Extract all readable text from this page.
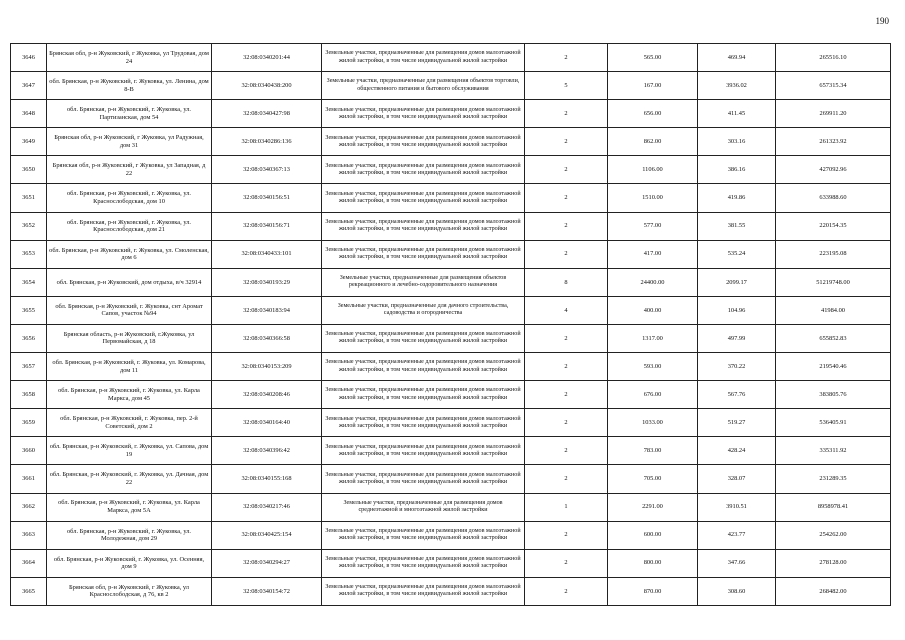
190
3646	Брянская обл, р-н Жуковский, г Жуковка, ул Трудовая, дом 24	32:08:0340201:44	Земельные участки, предназначенные для размещения домов малоэтажной жилой застройки, в том числе индивидуальной жилой застройки	2	565.00	469.94	265516.10
3647	обл. Брянская, р-н Жуковский, г. Жуковка, ул. Ленина, дом 8-В	32:08:0340438:200	Земельные участки, предназначенные для размещения объектов торговли, общественного питания и бытового обслуживания	5	167.00	3936.02	657315.34
3648	обл. Брянская, р-н Жуковский, г. Жуковка, ул. Партизанская, дом 54	32:08:0340427:98	Земельные участки, предназначенные для размещения домов малоэтажной жилой застройки, в том числе индивидуальной жилой застройки	2	656.00	411.45	269911.20
3649	Брянская обл, р-н Жуковский, г Жуковка, ул Радужная, дом 31	32:08:0340286:136	Земельные участки, предназначенные для размещения домов малоэтажной жилой застройки, в том числе индивидуальной жилой застройки	2	862.00	303.16	261323.92
3650	Брянская обл, р-н Жуковский, г Жуковка, ул Западная, д 22	32:08:0340367:13	Земельные участки, предназначенные для размещения домов малоэтажной жилой застройки, в том числе индивидуальной жилой застройки	2	1106.00	386.16	427092.96
3651	обл. Брянская, р-н Жуковский, г. Жуковка, ул. Краснослободская, дом 10	32:08:0340156:51	Земельные участки, предназначенные для размещения домов малоэтажной жилой застройки, в том числе индивидуальной жилой застройки	2	1510.00	419.86	633988.60
3652	обл. Брянская, р-н Жуковский, г. Жуковка, ул. Краснослободская, дом 21	32:08:0340156:71	Земельные участки, предназначенные для размещения домов малоэтажной жилой застройки, в том числе индивидуальной жилой застройки	2	577.00	381.55	220154.35
3653	обл. Брянская, р-н Жуковский, г. Жуковка, ул. Смоленская, дом 6	32:08:0340433:101	Земельные участки, предназначенные для размещения домов малоэтажной жилой застройки, в том числе индивидуальной жилой застройки	2	417.00	535.24	223195.08
3654	обл. Брянская, р-н Жуковский, дом отдыха, в/ч 32914	32:08:0340193:29	Земельные участки, предназначенные для размещения объектов рекреационного и лечебно-оздоровительного назначения	8	24400.00	2099.17	51219748.00
3655	обл. Брянская, р-н Жуковский, г. Жуковка, снт Аромат Сапов, участок №94	32:08:0340183:94	Земельные участки, предназначенные для дачного строительства, садоводства и огородничества	4	400.00	104.96	41984.00
3656	Брянская область, р-н Жуковский, г.Жуковка, ул Первомайская, д 18	32:08:0340366:58	Земельные участки, предназначенные для размещения домов малоэтажной жилой застройки, в том числе индивидуальной жилой застройки	2	1317.00	497.99	655852.83
3657	обл. Брянская, р-н Жуковский, г. Жуковка, ул. Комарова, дом 11	32:08:0340153:209	Земельные участки, предназначенные для размещения домов малоэтажной жилой застройки, в том числе индивидуальной жилой застройки	2	593.00	370.22	219540.46
3658	обл. Брянская, р-н Жуковский, г. Жуковка, ул. Карла Маркса, дом 45	32:08:0340208:46	Земельные участки, предназначенные для размещения домов малоэтажной жилой застройки, в том числе индивидуальной жилой застройки	2	676.00	567.76	383805.76
3659	обл. Брянская, р-н Жуковский, г. Жуковка, пер. 2-й Советский, дом 2	32:08:0340164:40	Земельные участки, предназначенные для размещения домов малоэтажной жилой застройки, в том числе индивидуальной жилой застройки	2	1033.00	519.27	536405.91
3660	обл. Брянская, р-н Жуковский, г. Жуковка, ул. Сапова, дом 19	32:08:0340396:42	Земельные участки, предназначенные для размещения домов малоэтажной жилой застройки, в том числе индивидуальной жилой застройки	2	783.00	428.24	335311.92
3661	обл. Брянская, р-н Жуковский, г. Жуковка, ул. Дачная, дом 22	32:08:0340155:168	Земельные участки, предназначенные для размещения домов малоэтажной жилой застройки, в том числе индивидуальной жилой застройки	2	705.00	328.07	231289.35
3662	обл. Брянская, р-н Жуковский, г. Жуковка, ул. Карла Маркса, дом 5А	32:08:0340217:46	Земельные участки, предназначенные для размещения домов среднеэтажной и многоэтажной жилой застройки	1	2291.00	3910.51	8958978.41
3663	обл. Брянская, р-н Жуковский, г. Жуковка, ул. Молодежная, дом 29	32:08:0340425:154	Земельные участки, предназначенные для размещения домов малоэтажной жилой застройки, в том числе индивидуальной жилой застройки	2	600.00	423.77	254262.00
3664	обл. Брянская, р-н Жуковский, г. Жуковка, ул. Осенняя, дом 9	32:08:0340294:27	Земельные участки, предназначенные для размещения домов малоэтажной жилой застройки, в том числе индивидуальной жилой застройки	2	800.00	347.66	278128.00
3665	Брянская обл, р-н Жуковский, г Жуковка, ул Краснослободская, д 76, кв 2	32:08:0340154:72	Земельные участки, предназначенные для размещения домов малоэтажной жилой застройки, в том числе индивидуальной жилой застройки	2	870.00	308.60	268482.00
